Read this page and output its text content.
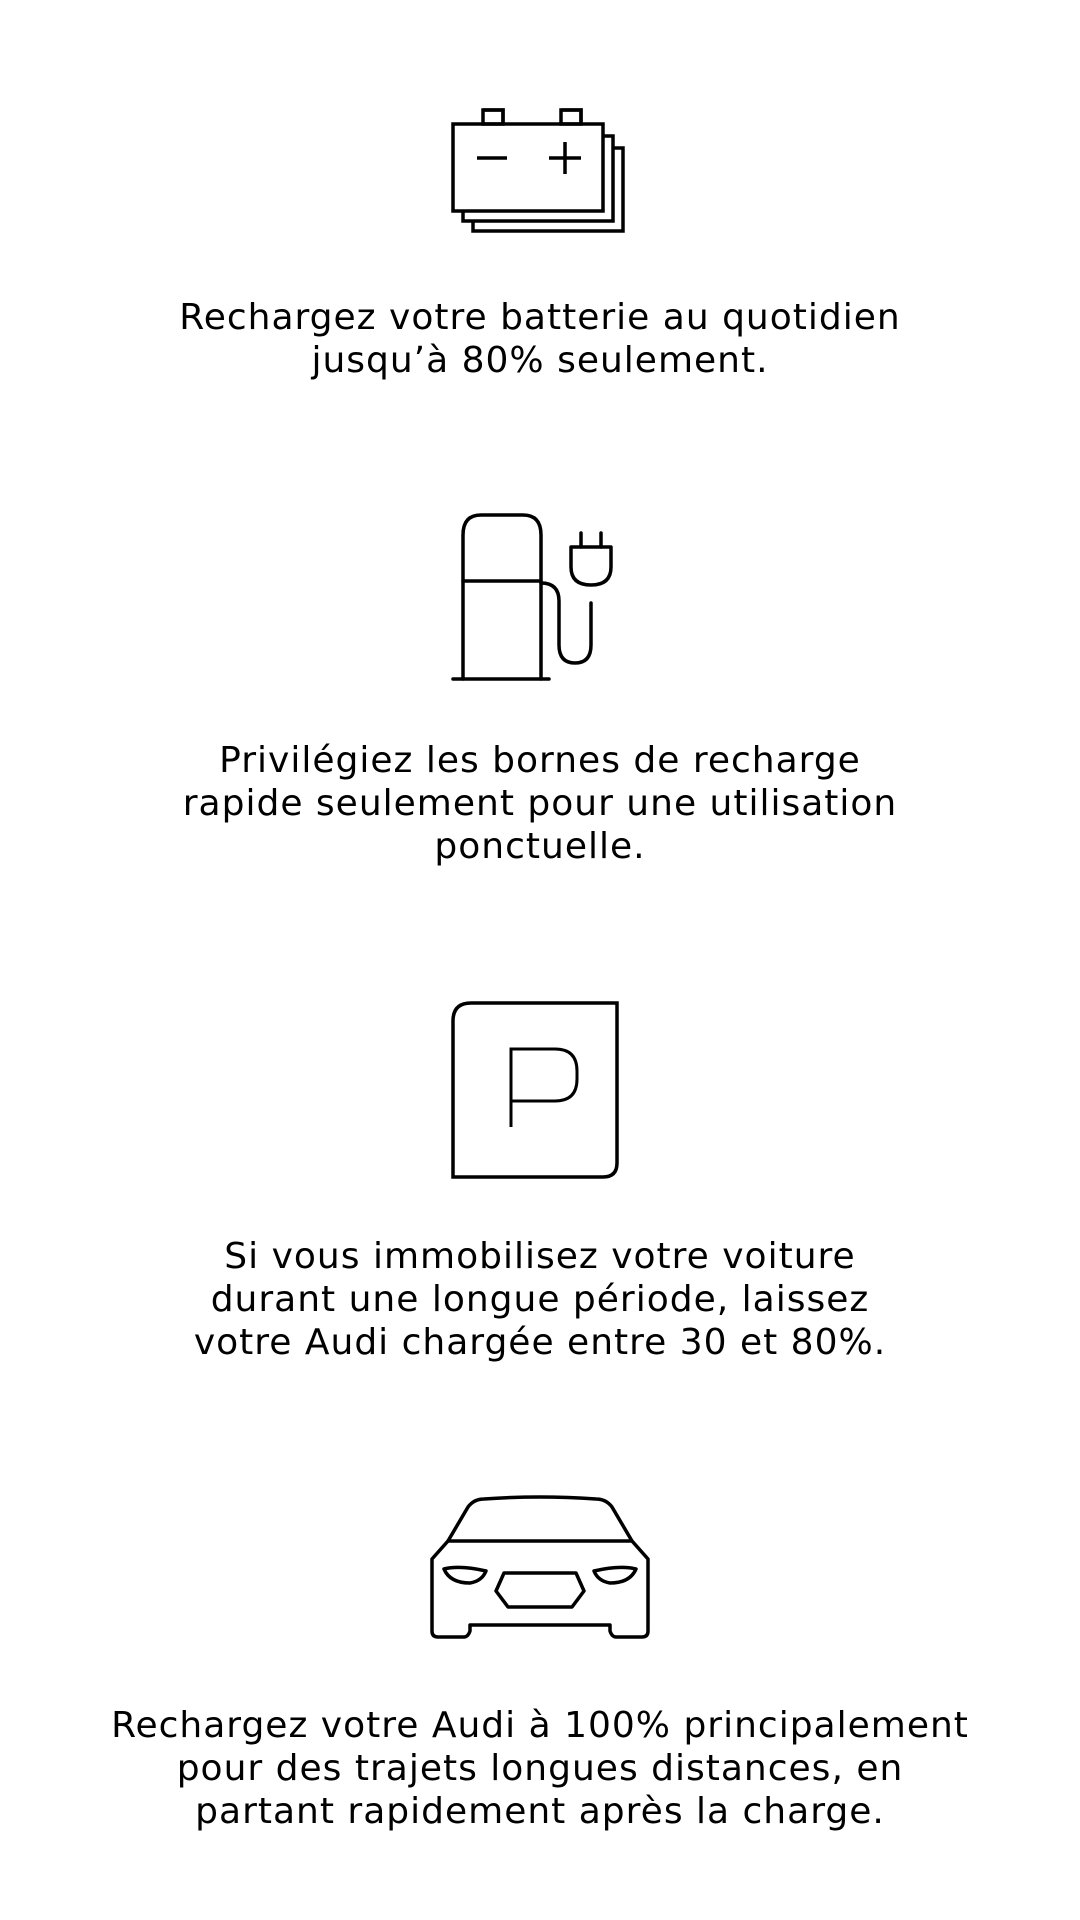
Rechargez votre batterie au quotidien
jusqu’à 80% seulement.
Privilégiez les bornes de recharge
rapide seulement pour une utilisation
ponctuelle.
Si vous immobilisez votre voiture
durant une longue période, laissez
votre Audi chargée entre 30 et 80%.
Rechargez votre Audi à 100% principalement
pour des trajets longues distances, en
partant rapidement après la charge.
